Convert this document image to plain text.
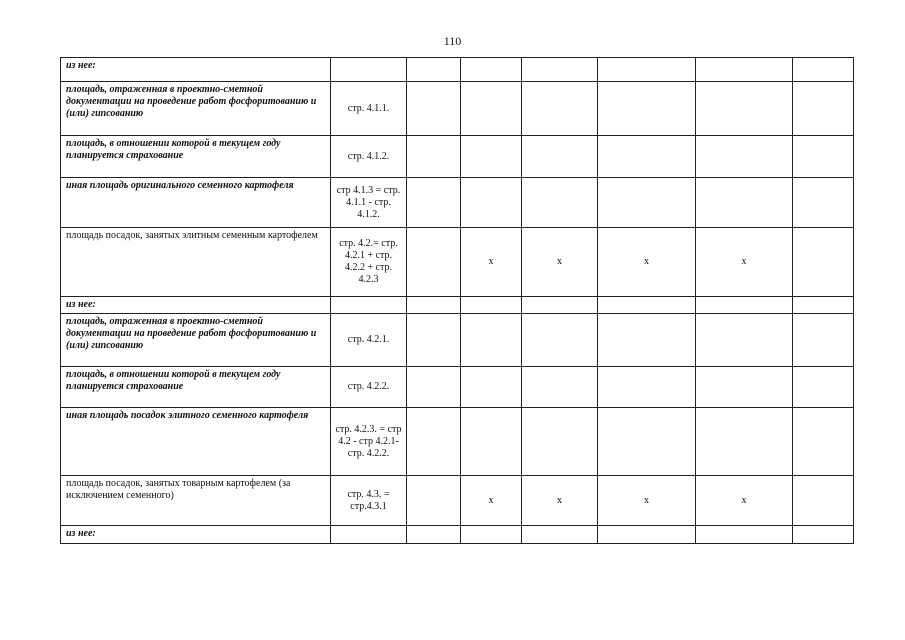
110
из нее:							
площадь, отраженная в проектно-сметной документации на проведение работ фосфоритованию и (или) гипсованию	стр. 4.1.1.						
площадь, в отношении которой в текущем году планируется страхование	стр. 4.1.2.						
иная площадь оригинального семенного картофеля	стр 4.1.3 = стр. 4.1.1 - стр. 4.1.2.						
площадь посадок, занятых элитным семенным картофелем	стр. 4.2.= стр. 4.2.1 + стр. 4.2.2 + стр. 4.2.3		х	х	х	х	
из нее:							
площадь, отраженная в проектно-сметной документации на проведение работ фосфоритованию и (или) гипсованию	стр. 4.2.1.						
площадь, в отношении которой в текущем году планируется страхование	стр. 4.2.2.						
иная площадь посадок элитного семенного картофеля	стр. 4.2.3. = стр 4.2 - стр 4.2.1-стр. 4.2.2.						
площадь посадок, занятых товарным картофелем (за исключением семенного)	стр. 4.3. = стр.4.3.1		х	х	х	х	
из нее:							
